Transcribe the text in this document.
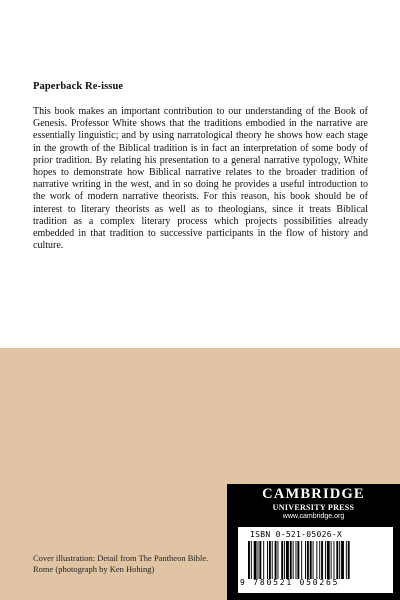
Paperback Re-issue
This book makes an important contribution to our understanding of the Book of Genesis. Professor White shows that the traditions embodied in the narrative are essentially linguistic; and by using narratological theory he shows how each stage in the growth of the Biblical tradition is in fact an interpretation of some body of prior tradition. By relating his presentation to a general narrative typology, White hopes to demonstrate how Biblical narrative relates to the broader tradition of narrative writing in the west, and in so doing he provides a useful introduction to the work of modern narrative theorists. For this reason, his book should be of interest to literary theorists as well as to theologians, since it treats Biblical tradition as a complex literary process which projects possibilities already embedded in that tradition to successive participants in the flow of history and culture.
CAMBRIDGE
UNIVERSITY PRESS
www.cambridge.org
ISBN 0-521-05026-X
9 780521 050265
Cover illustration: Detail from The Pantheon Bible. Rome (photograph by Ken Hohing)
